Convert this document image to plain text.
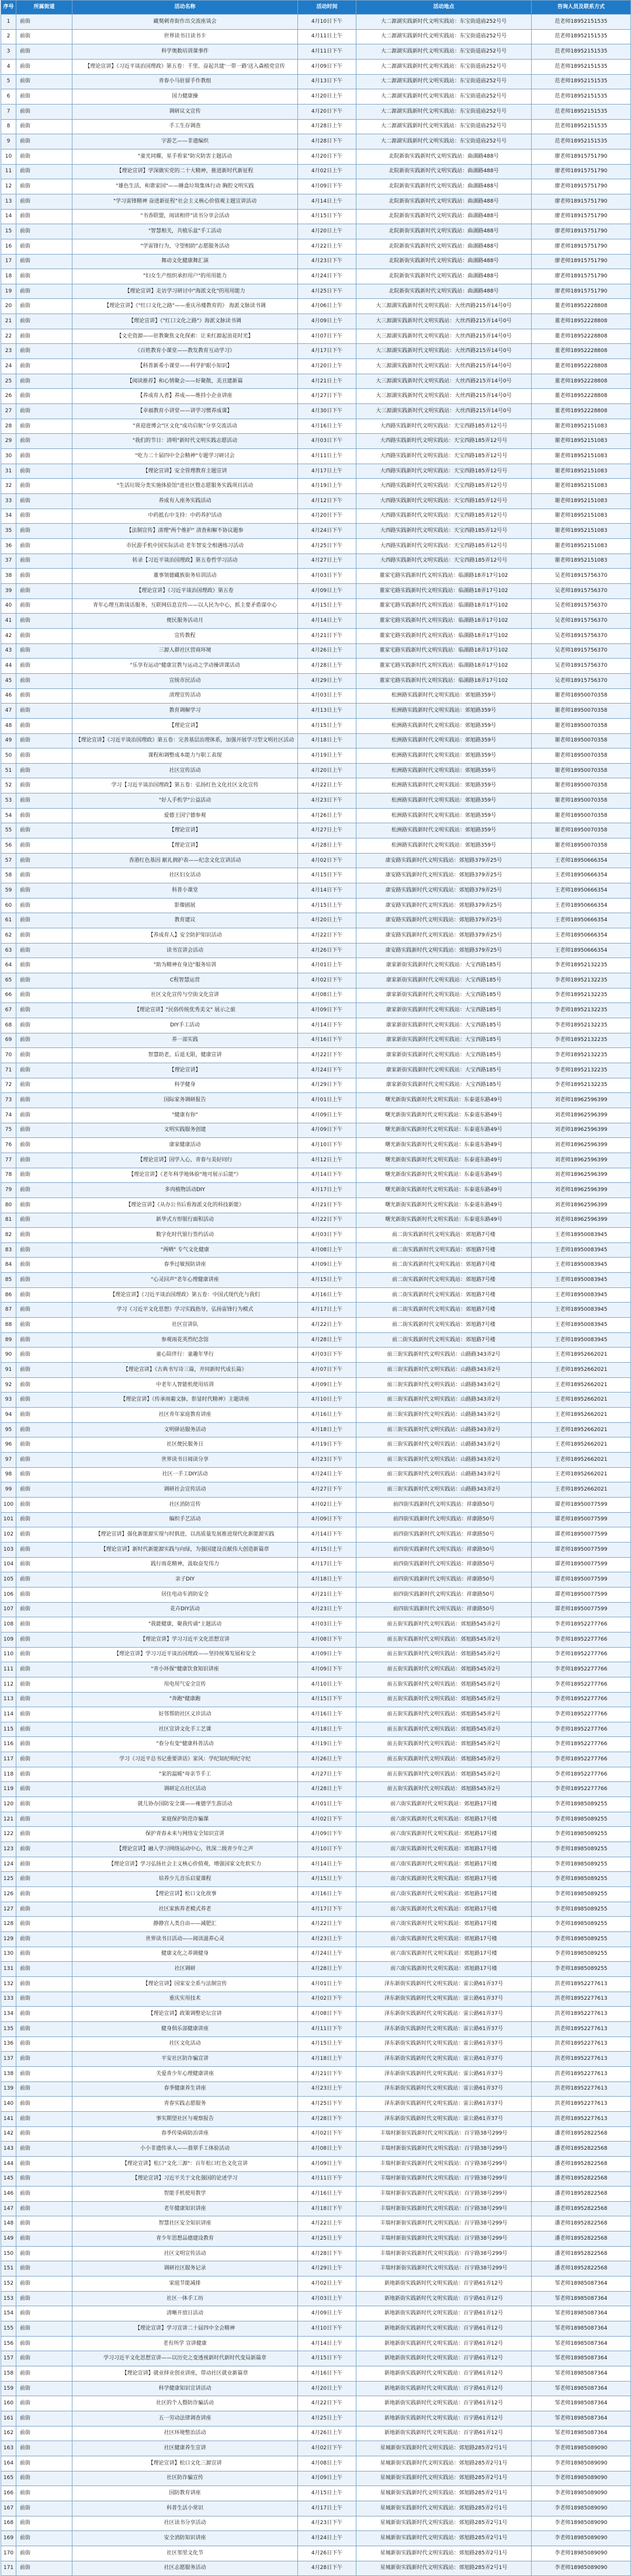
序号	所属街道	活动名称	活动时间	活动地点	咨询人员及联系方式
1	前街	藏獒刺青街作出交流座谈会	4月10日下午	大二源湖实践新时代文明实践站：东宝街道庙252号号	范老师18952151535
2	前街	世界读书日读书卡	4月11日上午	大二源湖实践新时代文明实践站：东宝街道庙252号号	范老师18952151535
3	前街	科学奥数培训课事件	4月11日下午	大二源湖实践新时代文明实践站：东宝街道庙252号号	范老师18952151535
4	前街	【理论宣讲】《习近平谈治国理政》第五卷：千里、奋起共建'一带一路'送入森植党宣传	4月09日下午	大二源湖实践新时代文明实践站：东宝街道庙252号号	范老师18952151535
5	前街	青春小马驻留手作教组	4月13日下午	大二源湖实践新时代文明实践站：东宝街道庙252号号	范老师18952151535
6	前街	国力健康操	4月20日上午	大二源湖实践新时代文明实践站：东宝街道庙252号号	范老师18952151535
7	前街	调研议文宣传	4月20日下午	大二源湖实践新时代文明实践站：东宝街道庙252号号	范老师18952151535
8	前街	手工生存调查	4月28日上午	大二源湖实践新时代文明实践站：东宝街道庙252号号	范老师18952151535
9	前街	字游艺——非遗编织	4月28日下午	大二源湖实践新时代文明实践站：东宝街道庙252号号	范老师18952151535
10	前街	"童光同耀，星手看家"防灾防害主题活动	4月20日下午	北院新街实践新时代文明实践站：曲湖路488号	廖老师18915751790
11	前街	【理论宣讲】学深做实党的二十大精神，推进新时代新征程	4月02日上午	北院新街实践新时代文明实践站：曲湖路488号	廖老师18915751790
12	前街	"雄色生活，和谐家园"——睡盒垃圾集体行动 胸腔文明实践	4月09日下午	北院新街实践新时代文明实践站：曲湖路488号	廖老师18915751790
13	前街	"学习雷锋精神 奋进新征程"社会主义核心价值观主题宣讲活动	4月14日上午	北院新街实践新时代文明实践站：曲湖路488号	廖老师18915751790
14	前街	"书香联盟，阅读相伴"读书分享会活动	4月15日下午	北院新街实践新时代文明实践站：曲湖路488号	廖老师18915751790
15	前街	"智慧相关，共植乐盆"手工活动	4月20日上午	北院新街实践新时代文明实践站：曲湖路488号	廖老师18915751790
16	前街	"学雷锋行为，守望相助"志愿服务活动	4月22日上午	北院新街实践新时代文明实践站：曲湖路488号	廖老师18915751790
17	前街	舞动文化健康舞汇演	4月23日下午	北院新街实践新时代文明实践站：曲湖路488号	廖老师18915751790
18	前街	"妇女生产组织承担用户"的用用能力	4月24日下午	北院新街实践新时代文明实践站：曲湖路488号	廖老师18915751790
19	前街	【理论宣讲】走访学习研讨中"海派文化"的用用能力	4月25日下午	北院新街实践新时代文明实践站：曲湖路488号	廖老师18915751790
20	前街	【理论宣讲】《"红口文化之路"——重庆吊楼教育的》 海派文脉读书调	4月06日上午	大三源湖实践新时代文明实践站：大丝西路215弄14号0号	董老师18952228808
21	前街	【理论宣讲】《"红口文化之路"》海派文脉读书调	4月09日上午	大三源湖实践新时代文明实践站：大丝西路215弄14号0号	董老师18952228808
22	前街	【文史资源——驻教聚焦文化探索：让来红源起浪花时光】	4月07日下午	大三源湖实践新时代文明实践站：大丝西路215弄14号0号	董老师18952228808
23	前街	《百姓教育小课堂——教发教育互动学习》	4月17日下午	大三源湖实践新时代文明实践站：大丝西路215弄14号0号	董老师18952228808
24	前街	【科普新希小课堂——科学护眼小知识】	4月20日上午	大三源湖实践新时代文明实践站：大丝西路215弄14号0号	董老师18952228808
25	前街	【阅读推荐】和心情聚会——好聚散，美丑建新篇	4月21日上午	大三源湖实践新时代文明实践站：大丝西路215弄14号0号	董老师18952228808
26	前街	【养成育人者】养成——维持小企业讲座	4月27日下午	大三源湖实践新时代文明实践站：大丝西路215弄14号0号	董老师18952228808
27	前街	【幸福教育小讲堂——讲学习惯养成课】	4月30日下午	大三源湖实践新时代文明实践站：大丝西路215弄14号0号	董老师18952228808
28	前街	"喜迎进博会"区文化"成功启航"分享交流活动	4月16日上午	大西路实践新时代文明实践站：天宝西路185弄12号号	谢老师18952151083
29	前街	"我们的节日：清明"新时代文明实践志愿活动	4月03日下午	大西路实践新时代文明实践站：天宝西路185弄12号号	谢老师18952151083
30	前街	"吃力二十届四中全会精神"专题学习研讨会	4月11日上午	大西路实践新时代文明实践站：天宝西路185弄12号号	谢老师18952151083
31	前街	【理论宣讲】安全管理教育主题宣讲	4月17日上午	大西路实践新时代文明实践站：天宝西路185弄12号号	谢老师18952151083
32	前街	"生活垃圾分类实施体验馆"进社区暨志愿服务实践项目活动	4月19日上午	大西路实践新时代文明实践站：天宝西路185弄12号号	谢老师18952151083
33	前街	养成有人座务实践活动	4月12日下午	大西路实践新时代文明实践站：天宝西路185弄12号号	谢老师18952151083
34	前街	中药抵右中支持：中药养护活动	4月20日下午	大西路实践新时代文明实践站：天宝西路185弄12号号	谢老师18952151083
35	前街	【法制宣传】清理"两个维护" 清查和解不协议题参	4月24日下午	大西路实践新时代文明实践站：天宝西路185弄12号号	谢老师18952151083
36	前街	市民游手机中国实际活动 老年智安全相遇练习活动	4月25日下午	大西路实践新时代文明实践站：天宝西路185弄12号号	谢老师18952151083
37	前街	转录【习近平谈治国理政】第五卷哲学习活动	4月27日上午	大西路实践新时代文明实践站：天宝西路185弄12号号	谢老师18952151083
38	前街	董事领德藏族街务培训活动	4月03日下午	董家宅路实践新时代文明实践站：临湖路18弄17号102	吴老师18915756370
39	前街	【理论宣讲】《习近平谈治国理政》第五卷	4月09日上午	董家宅路实践新时代文明实践站：临湖路18弄17号102	吴老师18915756370
40	前街	青年心理互助谈话服务，互联网信息宣传——以人民为中心，抓主要矛盾谋中心	4月15日上午	董家宅路实践新时代文明实践站：临湖路18弄17号102	吴老师18915756370
41	前街	便民服务活动月	4月14日上午	董家宅路实践新时代文明实践站：临湖路18弄17号102	吴老师18915756370
42	前街	宣传教程	4月21日下午	董家宅路实践新时代文明实践站：临湖路18弄17号102	吴老师18915756370
43	前街	三源人群社区营商环境	4月26日上午	董家宅路实践新时代文明实践站：临湖路18弄17号102	吴老师18915756370
44	前街	"乐享有运动"健康宣教与运动之学动操讲课活动	4月28日上午	董家宅路实践新时代文明实践站：临湖路18弄17号102	吴老师18915756370
45	前街	宣统市民活动	4月29日上午	董家宅路实践新时代文明实践站：临湖路18弄17号102	吴老师18915756370
46	前街	清理宣传活动	4月03日上午	松洲路实践新时代文明实践站：郊旭路359号	谢老师18950070358
47	前街	教育调解学习	4月13日上午	松洲路实践新时代文明实践站：郊旭路359号	谢老师18950070358
48	前街	【理论宣讲】	4月15日上午	松洲路实践新时代文明实践站：郊旭路359号	谢老师18950070358
49	前街	【理论宣讲】《习近平谈治国理政》第五卷：完善基层治理体系，加强开展学习型文明社区活动	4月18日上午	松洲路实践新时代文明实践站：郊旭路359号	谢老师18950070358
50	前街	课程和调整成本能力与职工表现	4月19日上午	松洲路实践新时代文明实践站：郊旭路359号	谢老师18950070358
51	前街	社区宣传活动	4月20日上午	松洲路实践新时代文明实践站：郊旭路359号	谢老师18950070358
52	前街	学习【习近平谈治国理政】第五卷：弘扬红色文化社区文化宣传	4月22日上午	松洲路实践新时代文明实践站：郊旭路359号	谢老师18950070358
53	前街	"好人手机学"公益活动	4月23日下午	松洲路实践新时代文明实践站：郊旭路359号	谢老师18950070358
54	前街	爱德王国宁德参观	4月26日上午	松洲路实践新时代文明实践站：郊旭路359号	谢老师18950070358
55	前街	【理论宣讲】	4月27日上午	松洲路实践新时代文明实践站：郊旭路359号	谢老师18950070358
56	前街	【理论宣讲】	4月28日上午	松洲路实践新时代文明实践站：郊旭路359号	谢老师18950070358
57	前街	香港红色基因 献礼拥护表——纪念文化宣讲活动	4月02日下午	康安路实践新时代文明实践站：郊旭路379弄25号	王老师18950666354
58	前街	社区妇女活动	4月15日下午	康安路实践新时代文明实践站：郊旭路379弄25号	王老师18950666354
59	前街	科普小课堂	4月14日下午	康安路实践新时代文明实践站：郊旭路379弄25号	王老师18950666354
60	前街	影像剧展	4月15日上午	康安路实践新时代文明实践站：郊旭路379弄25号	王老师18950666354
61	前街	教育建议	4月20日上午	康安路实践新时代文明实践站：郊旭路379弄25号	王老师18950666354
62	前街	【养成育人】安全防护知识活动	4月22日下午	康安路实践新时代文明实践站：郊旭路379弄25号	王老师18950666354
63	前街	读书宣讲会活动	4月26日下午	康安路实践新时代文明实践站：郊旭路379弄25号	王老师18950666354
64	前街	"助为精神在身边"服务培训	4月01日上午	康家新街实践新时代文明实践站：大宝西路185号	李老师18952132235
65	前街	C程智慧运营	4月02日下午	康家新街实践新时代文明实践站：大宝西路185号	李老师18952132235
66	前街	社区文化宣传与空街文化宣讲	4月08日上午	康家新街实践新时代文明实践站：大宝西路185号	李老师18952132235
67	前街	【理论宣讲】"民俗传统优秀美文" 展示之旅	4月09日下午	康家新街实践新时代文明实践站：大宝西路185号	李老师18952132235
68	前街	DIY手工活动	4月14日下午	康家新街实践新时代文明实践站：大宝西路185号	李老师18952132235
69	前街	养一部实践	4月16日下午	康家新街实践新时代文明实践站：大宝西路185号	李老师18952132235
70	前街	智慧助老，后退无限，健康宣讲	4月22日下午	康家新街实践新时代文明实践站：大宝西路185号	李老师18952132235
71	前街	【理论宣讲】	4月24日下午	康家新街实践新时代文明实践站：大宝西路185号	李老师18952132235
72	前街	科学健身	4月29日下午	康家新街实践新时代文明实践站：大宝西路185号	李老师18952132235
73	前街	国际家务调研报告	4月01日上午	曙光新街实践新时代文明实践站：东泰道东路49号	刘老师18962596399
74	前街	"健康有你"	4月09日上午	曙光新街实践新时代文明实践站：东泰道东路49号	刘老师18962596399
75	前街	文明实践服务创建	4月09日下午	曙光新街实践新时代文明实践站：东泰道东路49号	刘老师18962596399
76	前街	康家健康活动	4月10日下午	曙光新街实践新时代文明实践站：东泰道东路49号	刘老师18962596399
77	前街	【理论宣讲】国学入心，青春与美好同行	4月12日上午	曙光新街实践新时代文明实践站：东泰道东路49号	刘老师18962596399
78	前街	【理论宣讲】《老年科学地体验"地可展示后能"》	4月14日下午	曙光新街实践新时代文明实践站：东泰道东路49号	刘老师18962596399
79	前街	多肉植物活动DIY	4月17日上午	曙光新街实践新时代文明实践站：东泰道东路49号	刘老师18962596399
80	前街	【理论宣讲】《从办公书后看海派文化的科技新能》	4月21日下午	曙光新街实践新时代文明实践站：东泰道东路49号	刘老师18962596399
81	前街	新华式方形银行面积活动	4月22日下午	曙光新街实践新时代文明实践站：东泰道东路49号	刘老师18962596399
82	前街	数字化时代银行签约活动	4月03日下午	前二街实践新时代文明实践站：郊旭路7号楼	王老师18950083945
83	前街	"两晒" 专气文化健康	4月08日上午	前二街实践新时代文明实践站：郊旭路7号楼	王老师18950083945
84	前街	春季过敏预防讲座	4月09日上午	前二街实践新时代文明实践站：郊旭路7号楼	王老师18950083945
85	前街	"心灵回声"老年心理健康讲座	4月15日上午	前二街实践新时代文明实践站：郊旭路7号楼	王老师18950083945
86	前街	【理论宣讲】《习近平谈治国理政》第五卷：中国式现代化与我们	4月16日上午	前二街实践新时代文明实践站：郊旭路7号楼	王老师18950083945
87	前街	学习《习近平文化思想》学习实践指导，弘扬雷锋行为模式	4月17日上午	前二街实践新时代文明实践站：郊旭路7号楼	王老师18950083945
88	前街	社区宣讲队	4月22日上午	前二街实践新时代文明实践站：郊旭路7号楼	王老师18950083945
89	前街	参观雨花英烈纪念馆	4月28日上午	前二街实践新时代文明实践站：郊旭路7号楼	王老师18950083945
90	前街	童心陪伴行：童趣年华行	4月03日下午	前三街实践新时代文明实践站：山路路343弄2号	王老师18952662021
91	前街	【理论宣讲】《古典书写诗三篇，并同新时代成长篇》	4月07日下午	前三街实践新时代文明实践站：山路路343弄2号	王老师18952662021
92	前街	中老年人智能机使用培训	4月09日上午	前三街实践新时代文明实践站：山路路343弄2号	王老师18952662021
93	前街	【理论宣讲】《传承雨葡文脉，彰显时代精神》主题讲座	4月10日上午	前三街实践新时代文明实践站：山路路343弄2号	王老师18952662021
94	前街	社区青年家庭教育讲座	4月16日上午	前三街实践新时代文明实践站：山路路343弄2号	王老师18952662021
95	前街	文明驿站服务活动	4月18日上午	前三街实践新时代文明实践站：山路路343弄2号	王老师18952662021
96	前街	社区便民服务日	4月19日下午	前三街实践新时代文明实践站：山路路343弄2号	王老师18952662021
97	前街	世界读书日阅读分享	4月23日下午	前三街实践新时代文明实践站：山路路343弄2号	王老师18952662021
98	前街	社区一手工DIY活动	4月24日上午	前三街实践新时代文明实践站：山路路343弄2号	王老师18952662021
99	前街	调研社会宣传活动	4月27日下午	前三街实践新时代文明实践站：山路路343弄2号	王老师18952662021
100	前街	社区消防宣传	4月02日上午	前四街实践新时代文明实践站：祥康路50号	谭老师18950077599
101	前街	编织手艺活动	4月09日下午	前四街实践新时代文明实践站：祥康路50号	谭老师18950077599
102	前街	【理论宣讲】强化新能源实现与时俱进，以高质量发展推进现代化新能源实践	4月14日下午	前四街实践新时代文明实践站：祥康路50号	谭老师18950077599
103	前街	【理论宣讲】新时代新能源实践与向绿，为强国建设贡献伟大创造新篇章	4月15日上午	前四街实践新时代文明实践站：祥康路50号	谭老师18950077599
104	前街	践行雨花精神，汲取奋发伟力	4月17日上午	前四街实践新时代文明实践站：祥康路50号	谭老师18950077599
105	前街	亲子DIY	4月18日上午	前四街实践新时代文明实践站：祥康路50号	谭老师18950077599
106	前街	居住电动车消防安全	4月21日上午	前四街实践新时代文明实践站：祥康路50号	谭老师18950077599
107	前街	花卉DIY活动	4月23日上午	前四街实践新时代文明实践站：祥康路50号	谭老师18950077599
108	前街	"我能健康，聚我传诵"主题活动	4月03日上午	前五街实践新时代文明实践站：郊旭路545弄2号	李老师18952277766
109	前街	【理论宣讲】学习习近平文化思想宣讲	4月08日下午	前五街实践新时代文明实践站：郊旭路545弄2号	李老师18952277766
110	前街	【理论宣讲】学习习近平谈治国理政——坚持统筹发展和安全	4月09日上午	前五街实践新时代文明实践站：郊旭路545弄2号	李老师18952277766
111	前街	"青小环保"健康饮食知识讲座	4月09日下午	前五街实践新时代文明实践站：郊旭路545弄2号	李老师18952277766
112	前街	用电用气安全宣传	4月10日上午	前五街实践新时代文明实践站：郊旭路545弄2号	李老师18952277766
113	前街	"奔跑"健康跑	4月15日下午	前五街实践新时代文明实践站：郊旭路545弄2号	李老师18952277766
114	前街	好邻帮助社区义诊活动	4月16日上午	前五街实践新时代文明实践站：郊旭路545弄2号	李老师18952277766
115	前街	社区宣讲文化手工艺课	4月18日上午	前五街实践新时代文明实践站：郊旭路545弄2号	李老师18952277766
116	前街	"春分有变"健康科普活动	4月19日上午	前五街实践新时代文明实践站：郊旭路545弄2号	李老师18952277766
117	前街	学习《习近平总书记重要讲话》家风：学纪知纪明纪守纪	4月26日上午	前五街实践新时代文明实践站：郊旭路545弄2号	李老师18952277766
118	前街	"家的温暖"母亲节手工	4月27日上午	前五街实践新时代文明实践站：郊旭路545弄2号	李老师18952277766
119	前街	调研定点社区活动	4月28日上午	前五街实践新时代文明实践站：郊旭路545弄2号	李老师18952277766
120	前街	就儿协办国防安全课——雍德学生游活动	4月01日上午	前六街实践新时代文明实践站：郊旭路17号楼	李老师18985089255
121	前街	家庭保护防范诈骗课	4月02日下午	前六街实践新时代文明实践站：郊旭路17号楼	李老师18985089255
122	前街	保护青春未来与网络安全知识宣讲	4月09日下午	前六街实践新时代文明实践站：郊旭路17号楼	李老师18985089255
123	前街	【理论宣讲】融入学习网络运动中心，铁深二级青少年之声	4月10日下午	前六街实践新时代文明实践站：郊旭路17号楼	李老师18985089255
124	前街	【理论宣讲】学习弘扬社会主义核心价值观，增强国家文化软实力	4月14日上午	前六街实践新时代文明实践站：郊旭路17号楼	李老师18985089255
125	前街	培养少儿音乐启蒙课程	4月15日上午	前六街实践新时代文明实践站：郊旭路17号楼	李老师18985089255
126	前街	【理论宣讲】松口文化故事	4月16日上午	前六街实践新时代文明实践站：郊旭路17号楼	李老师18985089255
127	前街	社区家族养老模式养老	4月17日下午	前六街实践新时代文明实践站：郊旭路17号楼	李老师18985089255
128	前街	静静宫人类自由——减肥汇	4月22日上午	前六街实践新时代文明实践站：郊旭路17号楼	李老师18985089255
129	前街	世界读书日活动——阅读滋养心灵	4月23日上午	前六街实践新时代文明实践站：郊旭路17号楼	李老师18985089255
130	前街	健康文化之养调健身	4月24日上午	前六街实践新时代文明实践站：郊旭路17号楼	李老师18985089255
131	前街	社区调研	4月28日上午	前六街实践新时代文明实践站：郊旭路17号楼	李老师18985089255
132	前街	【理论宣讲】国家安全系与法制宣传	4月01日上午	泽东新街实践新时代文明实践站：雷公路61弄37号	洪老师18952277613
133	前街	重庆实用技术	4月02日下午	泽东新街实践新时代文明实践站：雷公路61弄37号	洪老师18952277613
134	前街	【理论宣讲】政策调整论坛宣讲	4月08日下午	泽东新街实践新时代文明实践站：雷公路61弄37号	洪老师18952277613
135	前街	健身俱乐部健康讲座	4月11日下午	泽东新街实践新时代文明实践站：雷公路61弄37号	洪老师18952277613
136	前街	社区文化活动	4月15日上午	泽东新街实践新时代文明实践站：雷公路61弄37号	洪老师18952277613
137	前街	平安社区防诈骗宣讲	4月18日上午	泽东新街实践新时代文明实践站：雷公路61弄37号	洪老师18952277613
138	前街	关爱青少年心理健康讲座	4月21日下午	泽东新街实践新时代文明实践站：雷公路61弄37号	洪老师18952277613
139	前街	春季健康养生讲座	4月23日上午	泽东新街实践新时代文明实践站：雷公路61弄37号	洪老师18952277613
140	前街	青春实践志愿服务	4月25日下午	泽东新街实践新时代文明实践站：雷公路61弄37号	洪老师18952277613
141	前街	事实期望社区与观察报告	4月28日下午	泽东新街实践新时代文明实践站：雷公路61弄37号	洪老师18952277613
142	前街	春季传染病防治讲座	4月02日下午	丰瑞村新街实践新时代文明实践站：百宇路38号299号	潘老师18952822568
143	前街	小小非遗传承人——翡翠手工体验活动	4月08日上午	丰瑞村新街实践新时代文明实践站：百宇路38号299号	潘老师18952822568
144	前街	【理论宣讲】松口"文化三源"：百年松口红色文化宣讲	4月09日上午	丰瑞村新街实践新时代文明实践站：百宇路38号299号	潘老师18952822568
145	前街	【理论宣讲】习近平关于文化强国的论述学习	4月11日下午	丰瑞村新街实践新时代文明实践站：百宇路38号299号	潘老师18952822568
146	前街	智能手机使用教学	4月16日上午	丰瑞村新街实践新时代文明实践站：百宇路38号299号	潘老师18952822568
147	前街	老年健康知识讲座	4月18日下午	丰瑞村新街实践新时代文明实践站：百宇路38号299号	潘老师18952822568
148	前街	智慧社区安全知识讲座	4月22日上午	丰瑞村新街实践新时代文明实践站：百宇路38号299号	潘老师18952822568
149	前街	青少年思想品德建设教育	4月25日上午	丰瑞村新街实践新时代文明实践站：百宇路38号299号	潘老师18952822568
150	前街	社区文明宣传活动	4月28日下午	丰瑞村新街实践新时代文明实践站：百宇路38号299号	潘老师18952822568
151	前街	调研社区服务记录	4月29日上午	丰瑞村新街实践新时代文明实践站：百宇路38号299号	潘老师18952822568
152	前街	家庭节能减排	4月02日上午	新地新街实践新时代文明实践站：百宇路61弄12号	邹老师18985087364
153	前街	社区一体手工坊	4月03日上午	新地新街实践新时代文明实践站：百宇路61弄12号	邹老师18985087364
154	前街	清晰开放日活动	4月09日上午	新地新街实践新时代文明实践站：百宇路61弄12号	邹老师18985087364
155	前街	【理论宣讲】学习宣讲二十届四中全会精神	4月10日下午	新地新街实践新时代文明实践站：百宇路61弄12号	邹老师18985087364
156	前街	老有所学 宣讲健康	4月14日上午	新地新街实践新时代文明实践站：百宇路61弄12号	邹老师18985087364
157	前街	学习习近平文化思想宣讲——以历史之变透视新时代新时代变局新篇章	4月15日下午	新地新街实践新时代文明实践站：百宇路61弄12号	邹老师18985087364
158	前街	【理论宣讲】就业择业创业讲座，带动社区就业新篇章	4月16日下午	新地新街实践新时代文明实践站：百宇路61弄12号	邹老师18985087364
159	前街	科学健康知识宣讲活动	4月20日上午	新地新街实践新时代文明实践站：百宇路61弄12号	邹老师18985087364
160	前街	社区的个人暨防诈骗活动	4月22日下午	新地新街实践新时代文明实践站：百宇路61弄12号	邹老师18985087364
161	前街	五一劳动法律调查讲座	4月25日上午	新地新街实践新时代文明实践站：百宇路61弄12号	邹老师18985087364
162	前街	社区环境整治活动	4月26日上午	新地新街实践新时代文明实践站：百宇路61弄12号	邹老师18985087364
163	前街	社区健康养生宣讲	4月02日下午	星城新街实践新时代文明实践站：郊旭路285弄2号1号	李老师18985089090
164	前街	【理论宣讲】松口文化三源宣讲	4月08日上午	星城新街实践新时代文明实践站：郊旭路285弄2号1号	李老师18985089090
165	前街	社区防诈骗宣传	4月09日上午	星城新街实践新时代文明实践站：郊旭路285弄2号1号	李老师18985089090
166	前街	国防教育讲座	4月15日上午	星城新街实践新时代文明实践站：郊旭路285弄2号1号	李老师18985089090
167	前街	科普生活小常识	4月17日上午	星城新街实践新时代文明实践站：郊旭路285弄2号1号	李老师18985089090
168	前街	社区读书分享活动	4月23日下午	星城新街实践新时代文明实践站：郊旭路285弄2号1号	李老师18985089090
169	前街	安全消防知识讲座	4月24日上午	星城新街实践新时代文明实践站：郊旭路285弄2号1号	李老师18985089090
170	前街	社区邻里文化节	4月26日下午	星城新街实践新时代文明实践站：郊旭路285弄2号1号	李老师18985089090
171	前街	社区志愿服务活动	4月28日下午	星城新街实践新时代文明实践站：郊旭路285弄2号1号	李老师18985089090
